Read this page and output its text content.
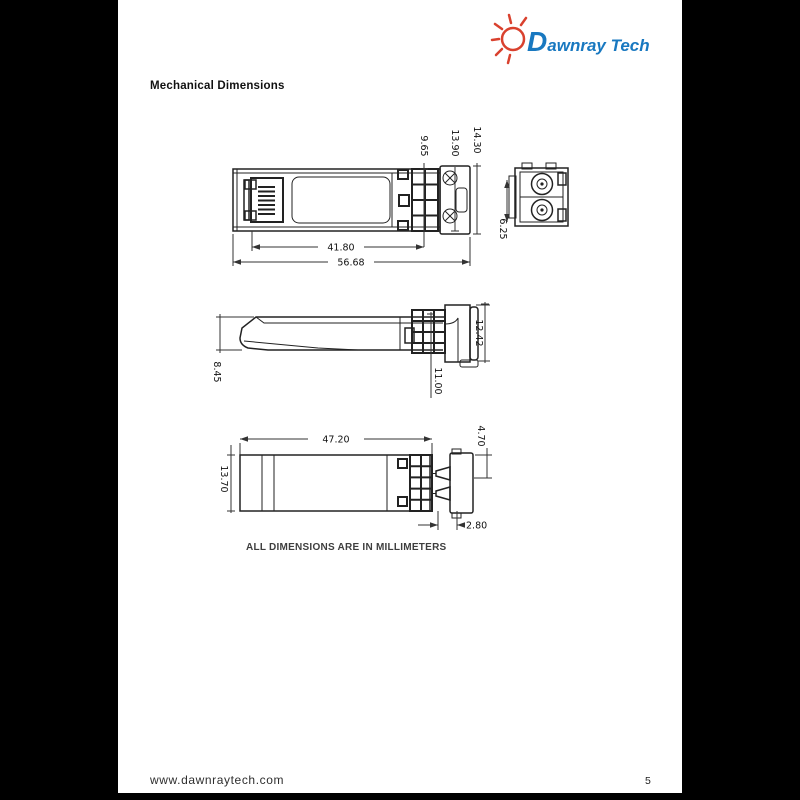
Dawnray Tech
Mechanical Dimensions
9.65 13.90 14.30
41.80
56.68
6.25
8.45
12.42
11.00
47.20
13.70
4.70
2.80
ALL DIMENSIONS ARE IN MILLIMETERS
www.dawnraytech.com	5
